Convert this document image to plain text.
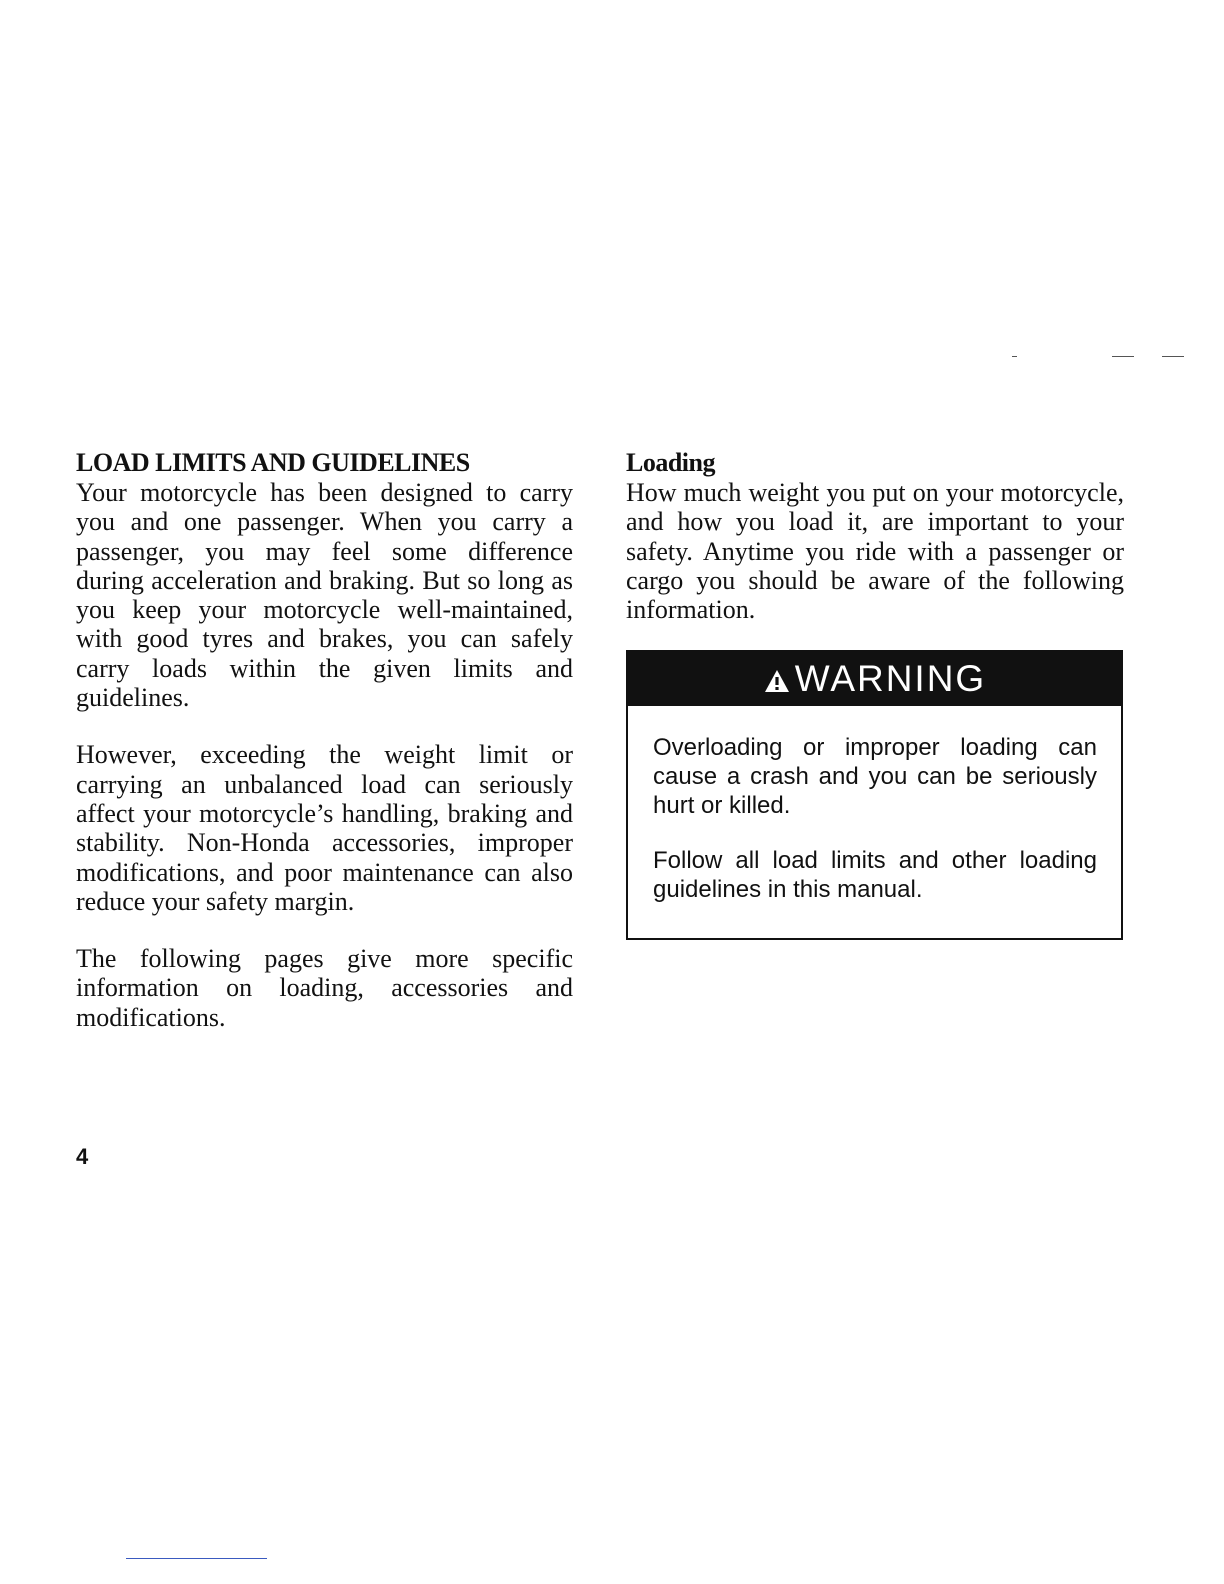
LOAD LIMITS AND GUIDELINES

Your motorcycle has been designed to carry you and one passenger. When you carry a passenger, you may feel some difference during acceleration and braking. But so long as you keep your motorcycle well-maintained, with good tyres and brakes, you can safely carry loads within the given limits and guidelines.

However, exceeding the weight limit or carrying an unbalanced load can seriously affect your motorcycle’s handling, braking and stability. Non-Honda accessories, improper modifications, and poor maintenance can also reduce your safety margin.

The following pages give more specific information on loading, accessories and modifications.

Loading

How much weight you put on your motorcycle, and how you load it, are important to your safety. Anytime you ride with a passenger or cargo you should be aware of the following information.

WARNING

Overloading or improper loading can cause a crash and you can be seriously hurt or killed.

Follow all load limits and other loading guidelines in this manual.

4
